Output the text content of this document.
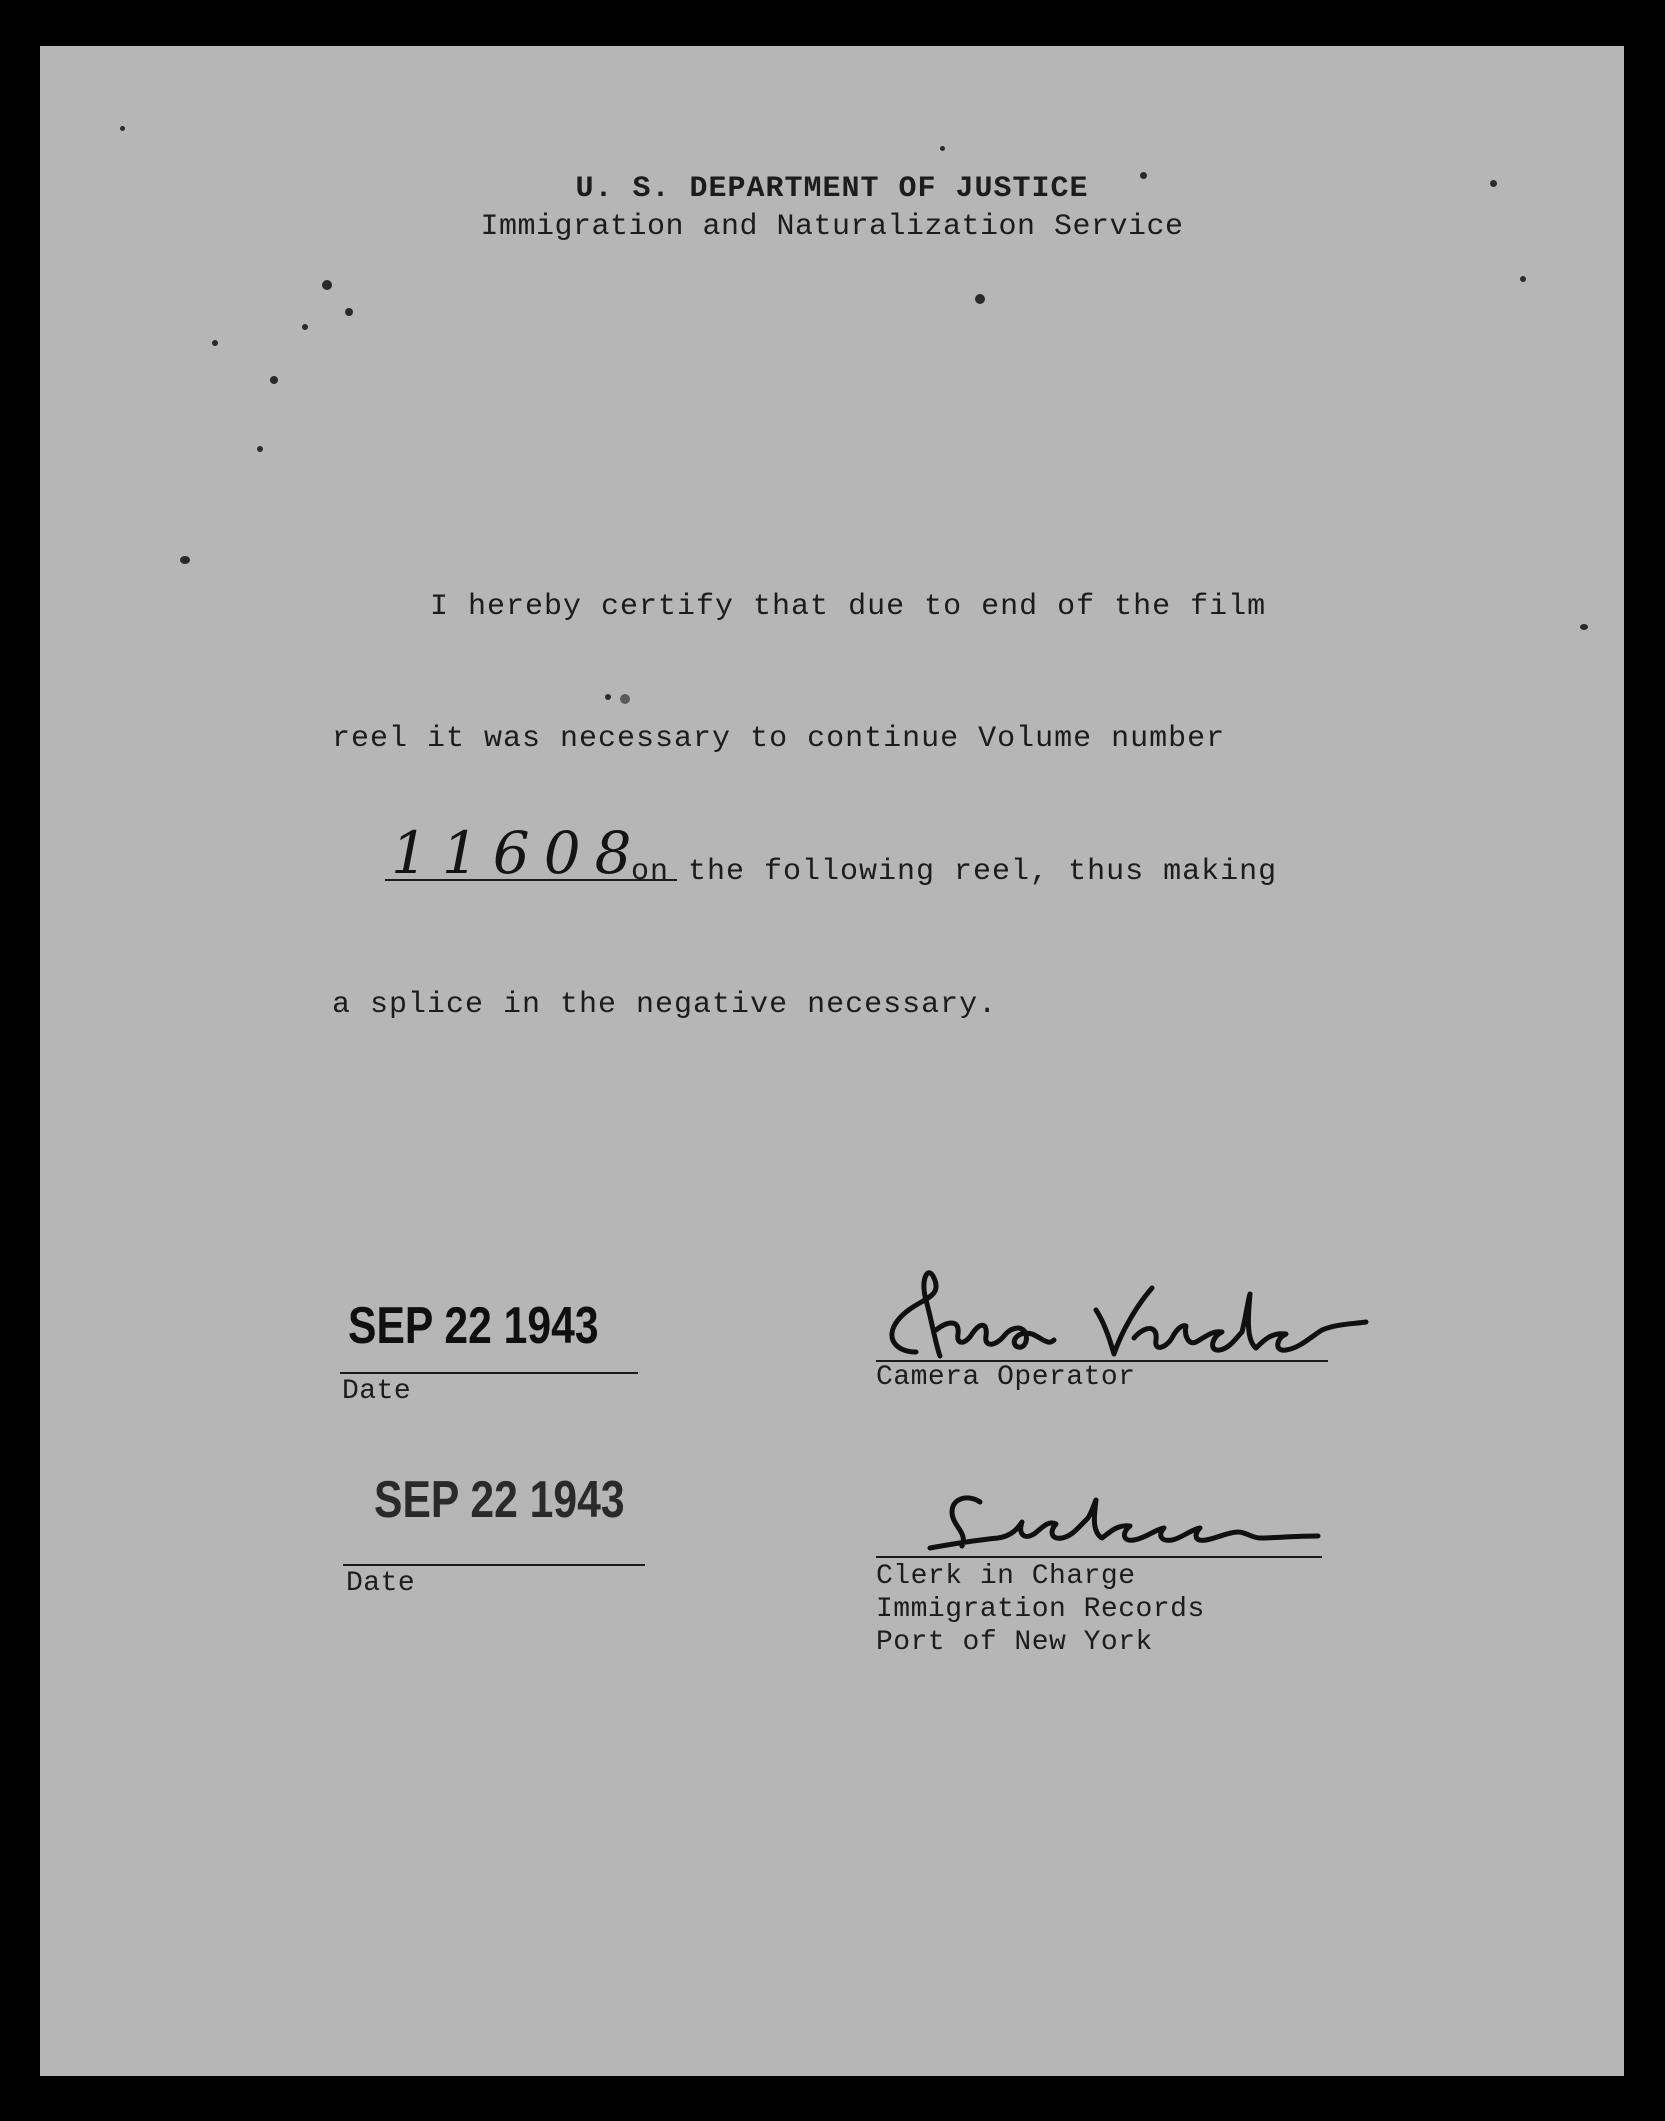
U. S. DEPARTMENT OF JUSTICE
Immigration and Naturalization Service
I hereby certify that due to end of the film
reel it was necessary to continue Volume number
11608
on the following reel, thus making
a splice in the negative necessary.
SEP 22 1943
Date
SEP 22 1943
Date
Camera Operator
Clerk in Charge
Immigration Records
Port of New York
